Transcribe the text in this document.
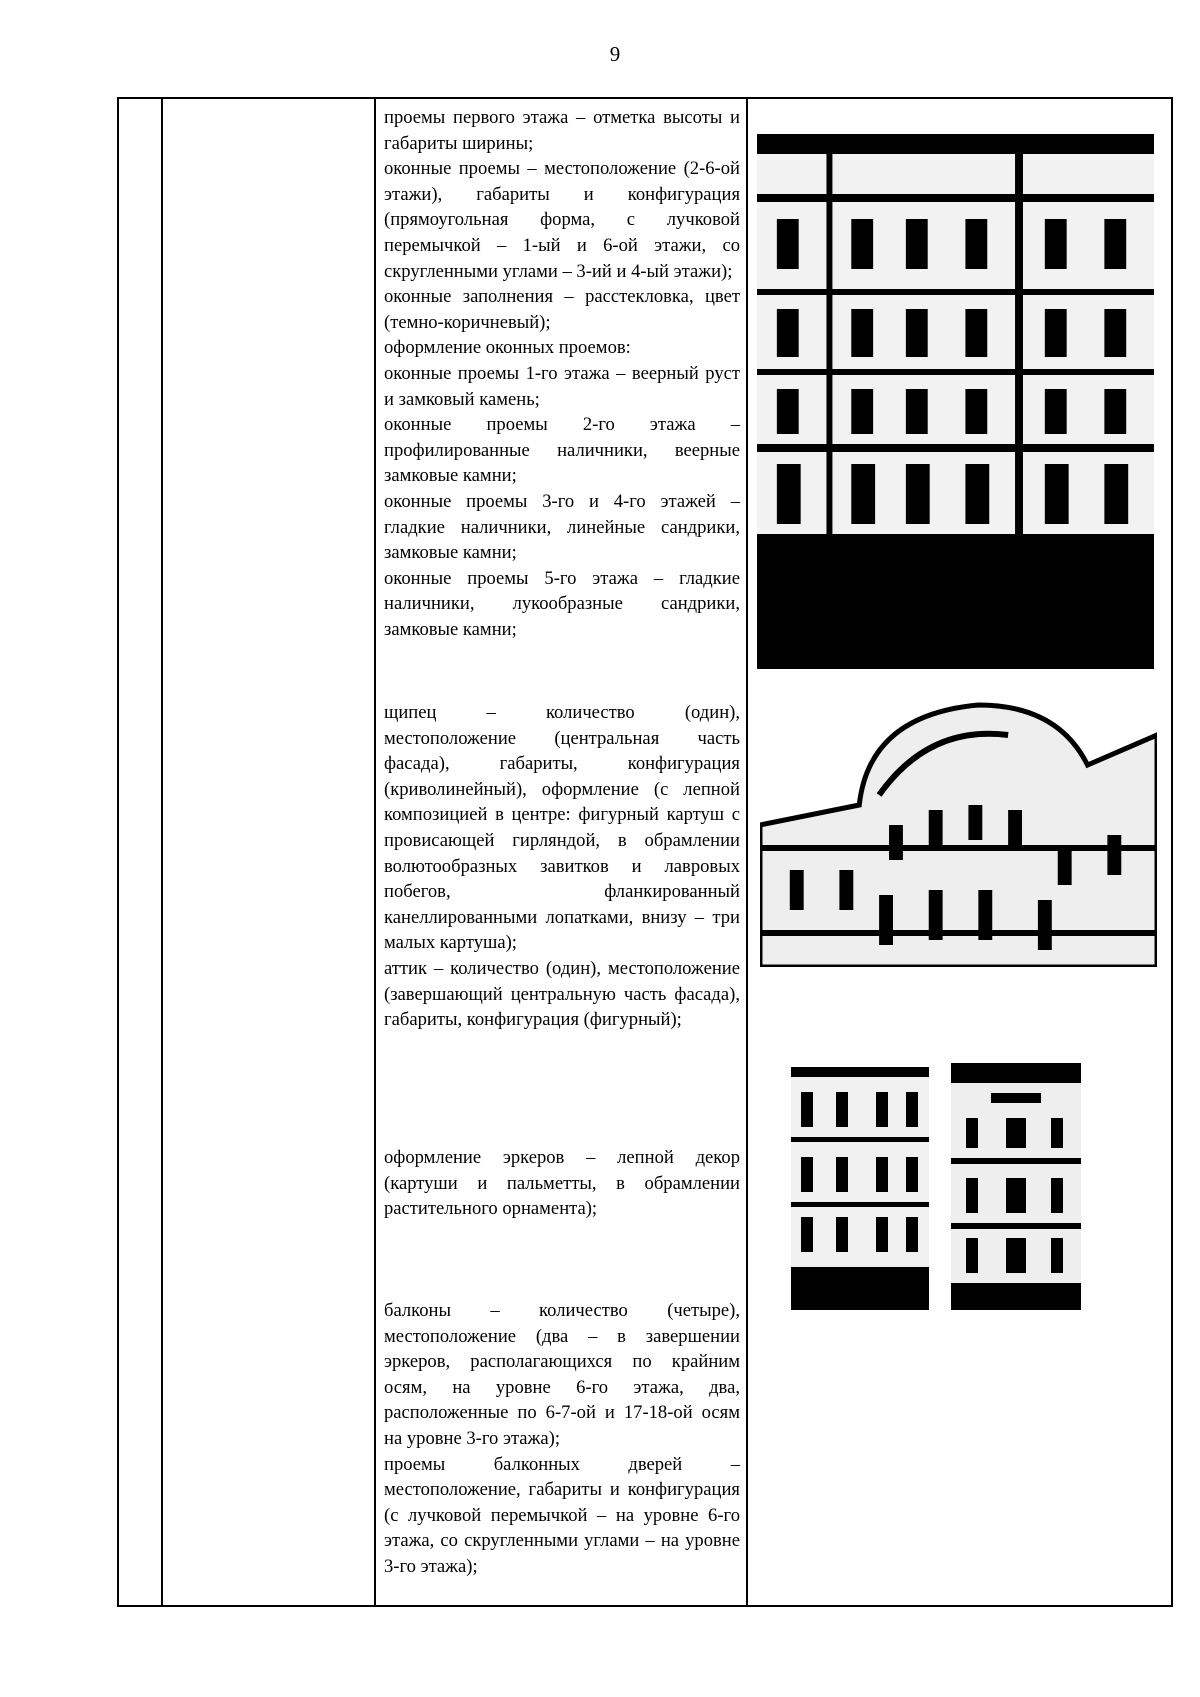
9

проемы первого этажа – отметка высоты и габариты ширины;

оконные проемы – местоположение (2-6-ой этажи), габариты и конфигурация (прямоугольная форма, с лучковой перемычкой – 1-ый и 6-ой этажи, со скругленными углами – 3-ий и 4-ый этажи);

оконные заполнения – расстекловка, цвет (темно-коричневый);

оформление оконных проемов:

оконные проемы 1-го этажа – веерный руст и замковый камень;

оконные проемы 2-го этажа – профилированные наличники, веерные замковые камни;

оконные проемы 3-го и 4-го этажей – гладкие наличники, линейные сандрики, замковые камни;

оконные проемы 5-го этажа – гладкие наличники, лукообразные сандрики, замковые камни;

щипец – количество (один), местоположение (центральная часть фасада), габариты, конфигурация (криволинейный), оформление (с лепной композицией в центре: фигурный картуш с провисающей гирляндой, в обрамлении волютообразных завитков и лавровых побегов, фланкированный канеллированными лопатками, внизу – три малых картуша);

аттик – количество (один), местоположение (завершающий центральную часть фасада), габариты, конфигурация (фигурный);

оформление эркеров – лепной декор (картуши и пальметты, в обрамлении растительного орнамента);

балконы – количество (четыре), местоположение (два – в завершении эркеров, располагающихся по крайним осям, на уровне 6-го этажа, два, расположенные по 6-7-ой и 17-18-ой осям на уровне 3-го этажа);

проемы балконных дверей – местоположение, габариты и конфигурация (с лучковой перемычкой – на уровне 6-го этажа, со скругленными углами – на уровне 3-го этажа);
